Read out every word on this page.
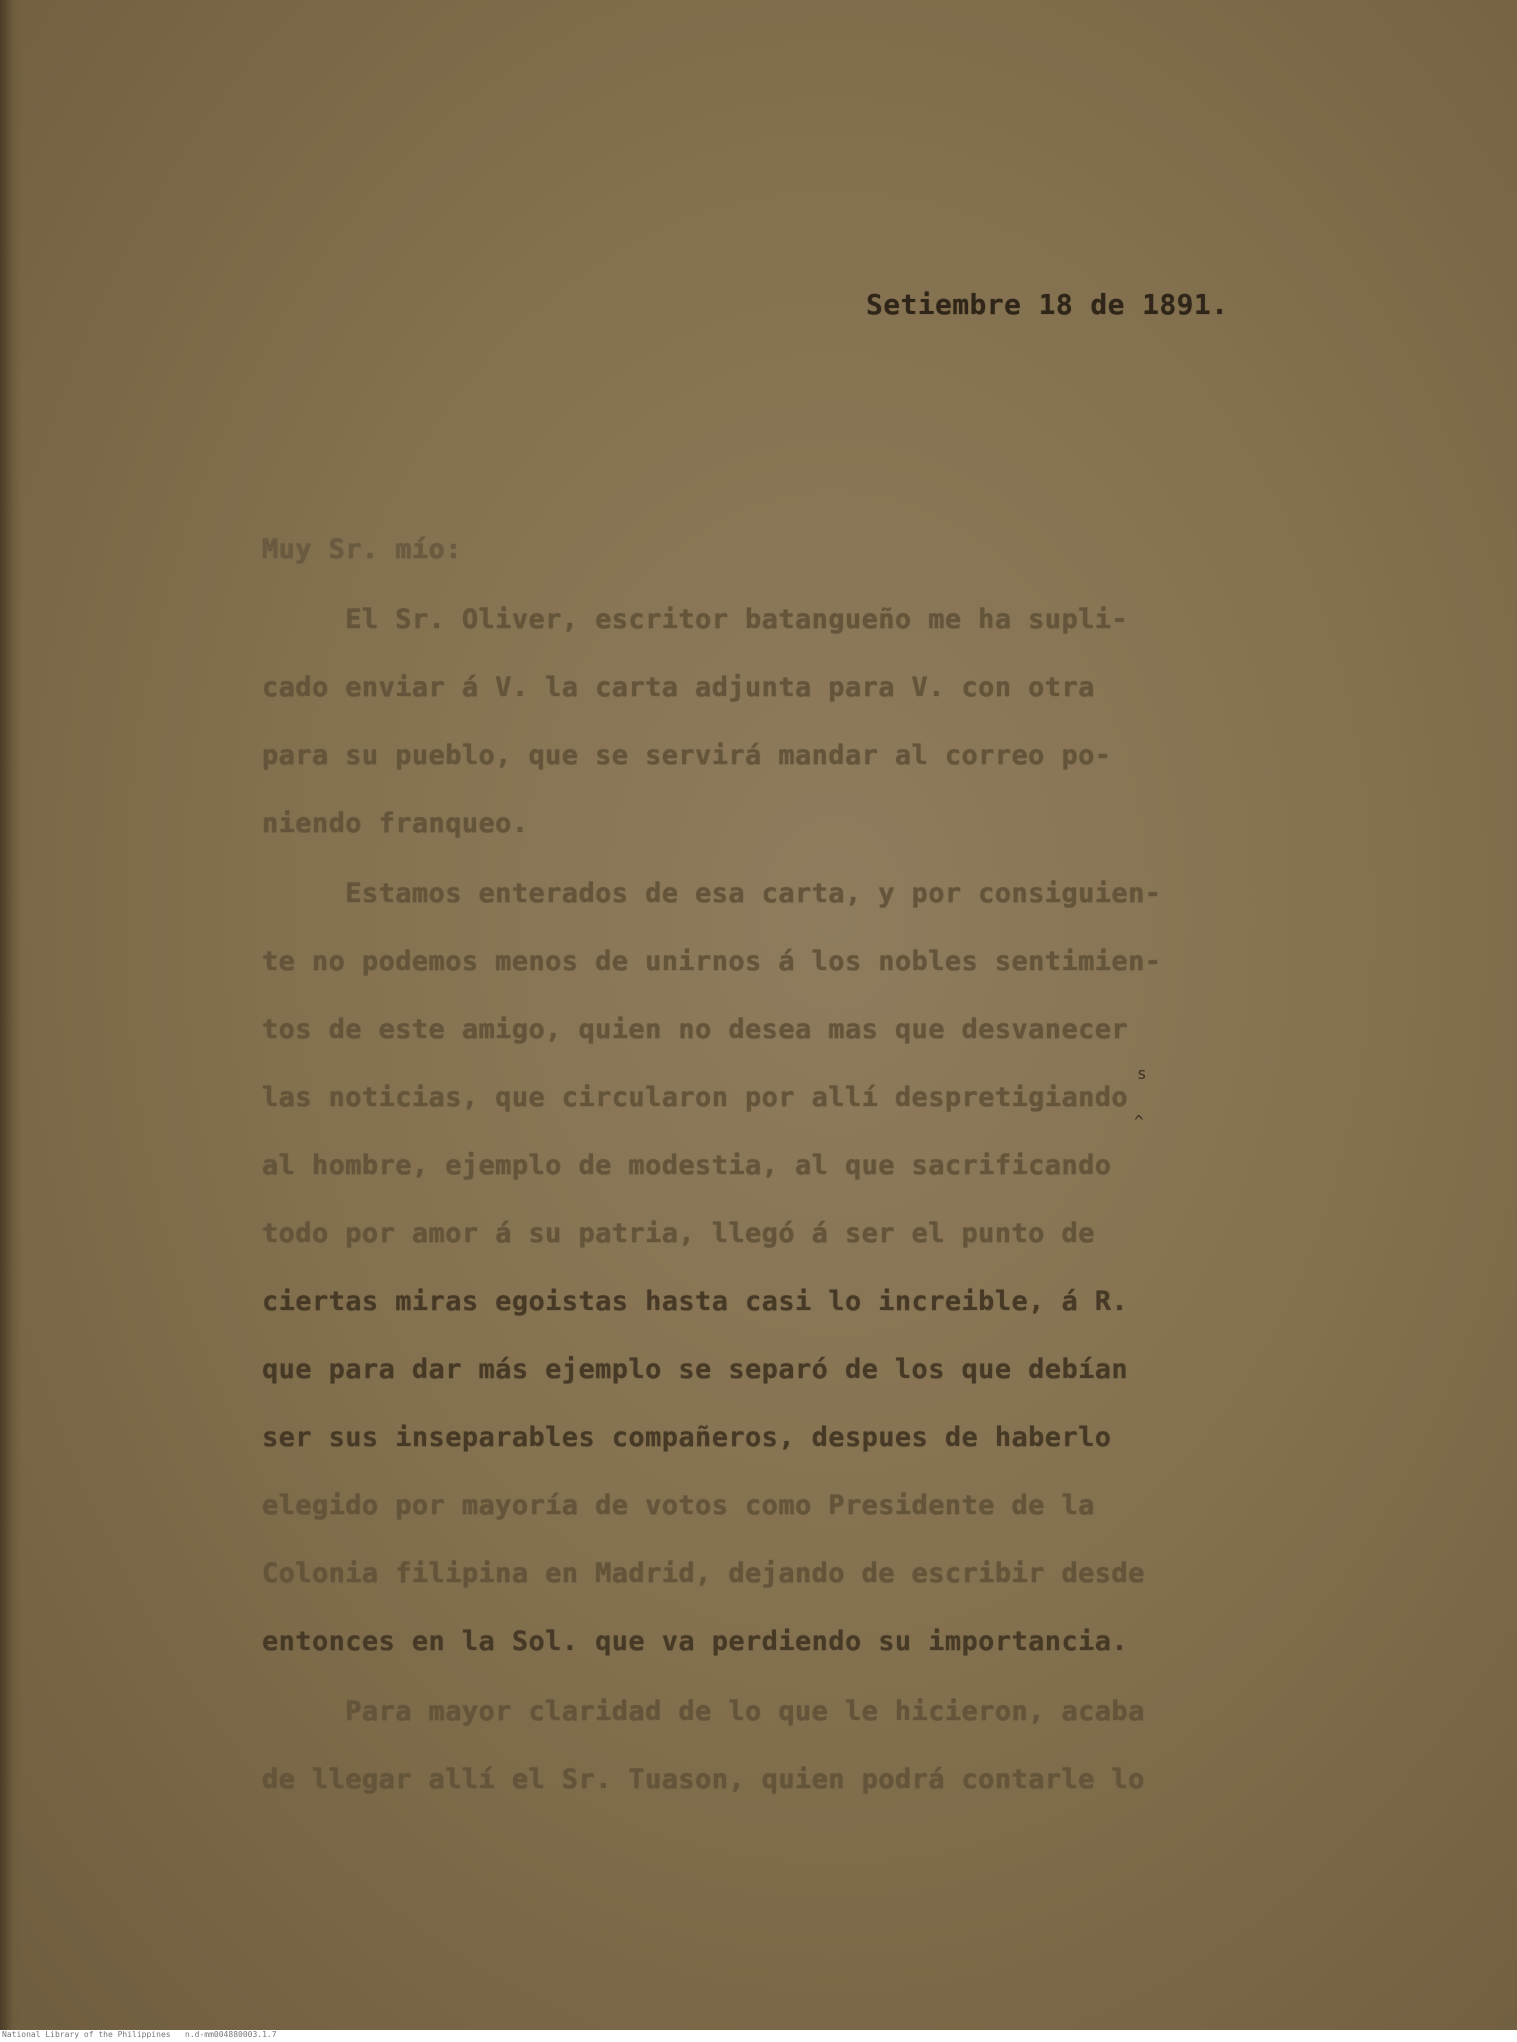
Setiembre 18 de 1891.
Muy Sr. mío:
El Sr. Oliver, escritor batangueño me ha supli-
cado enviar á V. la carta adjunta para V. con otra
para su pueblo, que se servirá mandar al correo po-
niendo franqueo.
Estamos enterados de esa carta, y por consiguien-
te no podemos menos de unirnos á los nobles sentimien-
tos de este amigo, quien no desea mas que desvanecer
las noticias, que circularon por allí despretigiando
al hombre, ejemplo de modestia, al que sacrificando
todo por amor á su patria, llegó á ser el punto de
ciertas miras egoistas hasta casi lo increible, á R.
que para dar más ejemplo se separó de los que debían
ser sus inseparables compañeros, despues de haberlo
elegido por mayoría de votos como Presidente de la
Colonia filipina en Madrid, dejando de escribir desde
entonces en la Sol. que va perdiendo su importancia.
Para mayor claridad de lo que le hicieron, acaba
de llegar allí el Sr. Tuason, quien podrá contarle lo
s
^
National Library of the Philippines   n.d-mm004880003.1.7
